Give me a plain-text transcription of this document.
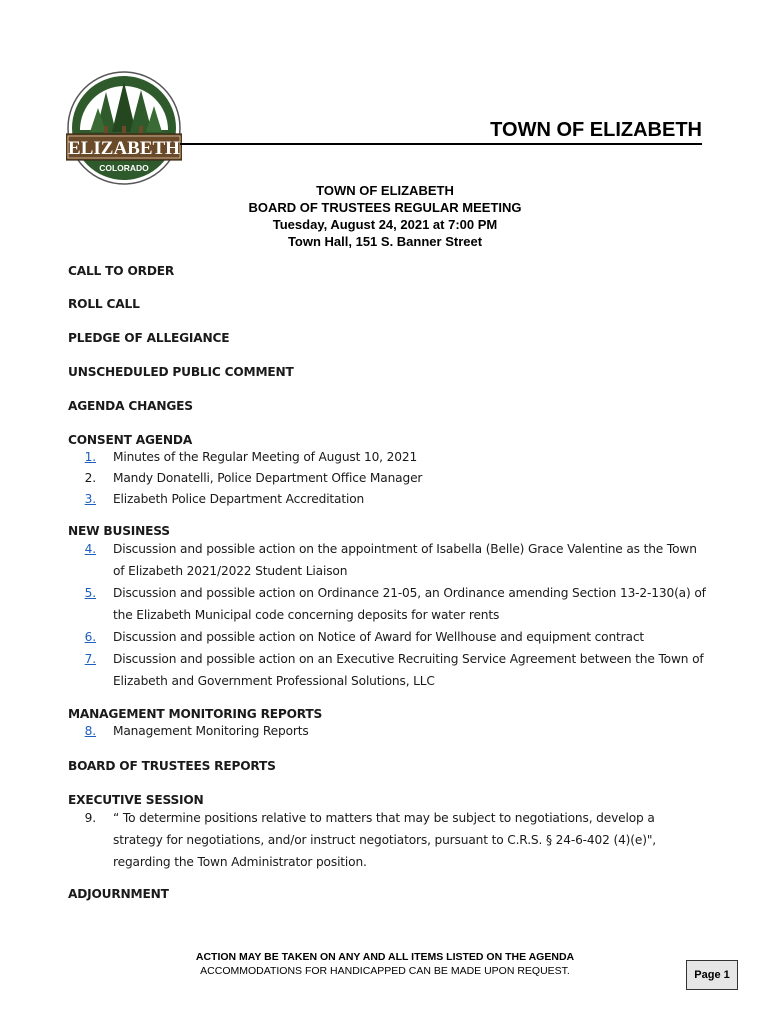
ELIZABETH
COLORADO
TOWN OF ELIZABETH
TOWN OF ELIZABETH
BOARD OF TRUSTEES REGULAR MEETING
Tuesday, August 24, 2021 at 7:00 PM
Town Hall, 151 S. Banner Street
CALL TO ORDER
ROLL CALL
PLEDGE OF ALLEGIANCE
UNSCHEDULED PUBLIC COMMENT
AGENDA CHANGES
CONSENT AGENDA
1.	Minutes of the Regular Meeting of August 10, 2021
2.	Mandy Donatelli, Police Department Office Manager
3.	Elizabeth Police Department Accreditation
NEW BUSINESS
4.	Discussion and possible action on the appointment of Isabella (Belle) Grace Valentine as the Town of Elizabeth 2021/2022 Student Liaison
5.	Discussion and possible action on Ordinance 21-05, an Ordinance amending Section 13-2-130(a) of the Elizabeth Municipal code concerning deposits for water rents
6.	Discussion and possible action on Notice of Award for Wellhouse and equipment contract
7.	Discussion and possible action on an Executive Recruiting Service Agreement between the Town of Elizabeth and Government Professional Solutions, LLC
MANAGEMENT MONITORING REPORTS
8.	Management Monitoring Reports
BOARD OF TRUSTEES REPORTS
EXECUTIVE SESSION
9.	“ To determine positions relative to matters that may be subject to negotiations, develop a strategy for negotiations, and/or instruct negotiators, pursuant to C.R.S. § 24-6-402 (4)(e)", regarding the Town Administrator position.
ADJOURNMENT
ACTION MAY BE TAKEN ON ANY AND ALL ITEMS LISTED ON THE AGENDA
ACCOMMODATIONS FOR HANDICAPPED CAN BE MADE UPON REQUEST.	Page 1
